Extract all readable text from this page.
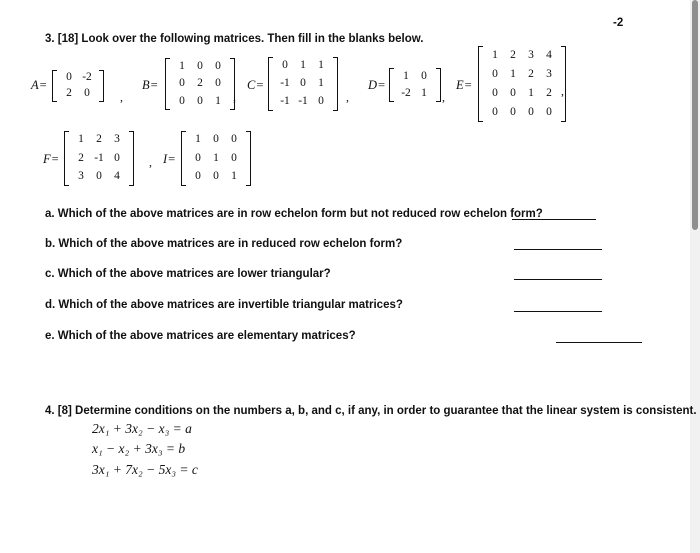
-2
3. [18] Look over the following matrices. Then fill in the blanks below.
A=
0 -2
2	0	,
B=
1	0	0
0	2	0
0	0	1	,
C=
0	1	1
-1 0	1
-1 -1 0	,
D=
1	0
-2 1	,
E=
1	2	3	4
0	1	2	3
0	0	1	2
0	0	0	0
,
F=
1	2	3
2 -1 0
3	0	4
, I=
1	0	0
0	1	0
0	0	1
a. Which of the above matrices are in row echelon form but not reduced row echelon form?
b. Which of the above matrices are in reduced row echelon form?
c. Which of the above matrices are lower triangular?
d. Which of the above matrices are invertible triangular matrices?
e. Which of the above matrices are elementary matrices?
4. [8] Determine conditions on the numbers a, b, and c, if any, in order to guarantee that the linear system is consistent.
2x₁ + 3x₂ − x₃ = a
x₁ − x₂ + 3x₃ = b
3x₁ + 7x₂ − 5x₃ = c
